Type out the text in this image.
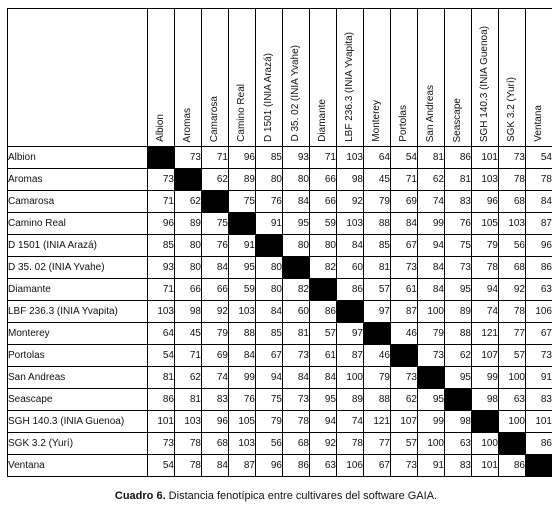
	Albion	Aromas	Camarosa	Camino Real	D 1501 (INIA Arazá)	D 35. 02 (INIA Yvahe)	Diamante	LBF 236.3 (INIA Yvapita)	Monterey	Portolas	San Andreas	Seascape	SGH 140.3 (INIA Guenoa)	SGK 3.2 (Yurí)	Ventana

Albion		73	71	96	85	93	71	103	64	54	81	86	101	73	54
Aromas	73		62	89	80	80	66	98	45	71	62	81	103	78	78
Camarosa	71	62		75	76	84	66	92	79	69	74	83	96	68	84
Camino Real	96	89	75		91	95	59	103	88	84	99	76	105	103	87
D 1501 (INIA Arazá)	85	80	76	91		80	80	84	85	67	94	75	79	56	96
D 35. 02 (INIA Yvahe)	93	80	84	95	80		82	60	81	73	84	73	78	68	86
Diamante	71	66	66	59	80	82		86	57	61	84	95	94	92	63
LBF 236.3 (INIA Yvapita)	103	98	92	103	84	60	86		97	87	100	89	74	78	106
Monterey	64	45	79	88	85	81	57	97		46	79	88	121	77	67
Portolas	54	71	69	84	67	73	61	87	46		73	62	107	57	73
San Andreas	81	62	74	99	94	84	84	100	79	73		95	99	100	91
Seascape	86	81	83	76	75	73	95	89	88	62	95		98	63	83
SGH 140.3 (INIA Guenoa)	101	103	96	105	79	78	94	74	121	107	99	98		100	101
SGK 3.2 (Yurí)	73	78	68	103	56	68	92	78	77	57	100	63	100		86
Ventana	54	78	84	87	96	86	63	106	67	73	91	83	101	86	
Cuadro 6. Distancia fenotípica entre cultivares del software GAIA.
